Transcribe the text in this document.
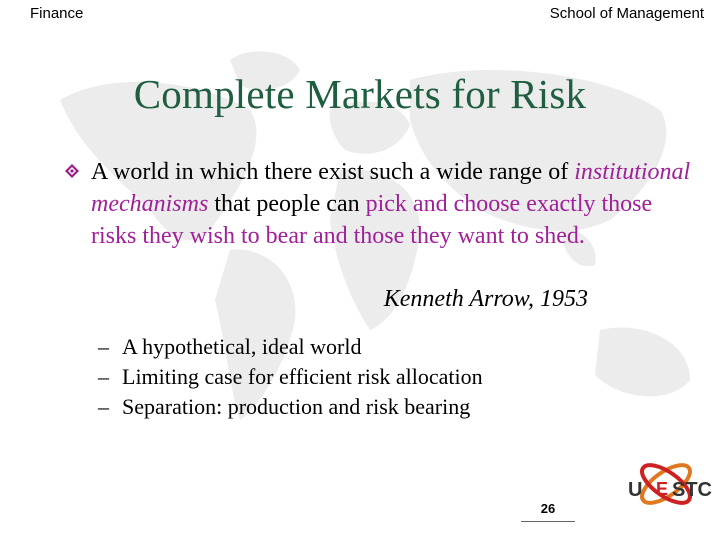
Finance	School of Management
Complete Markets for Risk
A world in which there exist such a wide range of institutional mechanisms that people can pick and choose exactly those risks they wish to bear and those they want to shed.
Kenneth Arrow, 1953
– A hypothetical, ideal world
– Limiting case for efficient risk allocation
– Separation: production and risk bearing
26
U E STC
